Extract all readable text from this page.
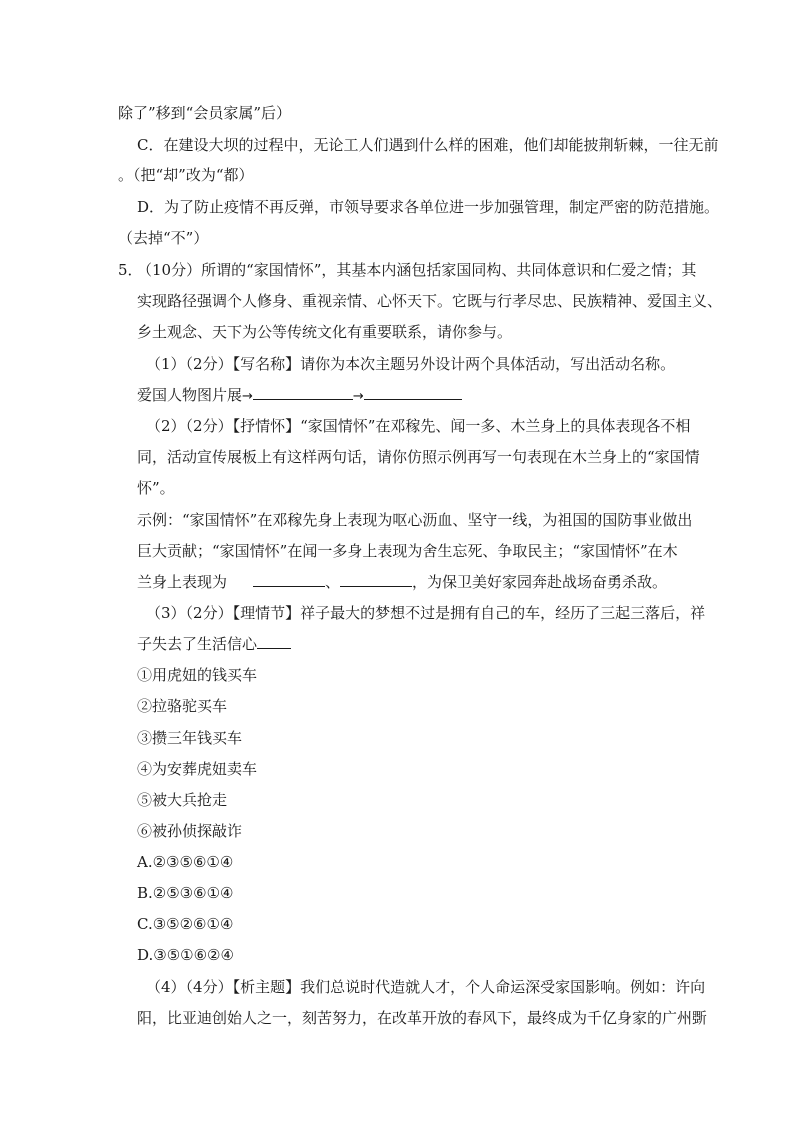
除了”移到“会员家属”后）
C．在建设大坝的过程中，无论工人们遇到什么样的困难，他们却能披荆斩棘，一往无前
。（把“却”改为“都）
D．为了防止疫情不再反弹，市领导要求各单位进一步加强管理，制定严密的防范措施。
（去掉“不”）
5．
（10分）所谓的“家国情怀”，其基本内涵包括家国同构、共同体意识和仁爱之情；其
实现路径强调个人修身、重视亲情、心怀天下。它既与行孝尽忠、民族精神、爱国主义、
乡土观念、天下为公等传统文化有重要联系，请你参与。
（1）（2分）【写名称】请你为本次主题另外设计两个具体活动，写出活动名称。
爱国人物图片展→	→
（2）（2分）【抒情怀】“家国情怀”在邓稼先、闻一多、木兰身上的具体表现各不相
同，活动宣传展板上有这样两句话，请你仿照示例再写一句表现在木兰身上的“家国情
怀”。
示例：“家国情怀”在邓稼先身上表现为呕心沥血、坚守一线，为祖国的国防事业做出
巨大贡献；“家国情怀”在闻一多身上表现为舍生忘死、争取民主；“家国情怀”在木
兰身上表现为	、	，为保卫美好家园奔赴战场奋勇杀敌。
（3）（2分）【理情节】祥子最大的梦想不过是拥有自己的车，经历了三起三落后，祥
子失去了生活信心
①用虎妞的钱买车
②拉骆驼买车
③攒三年钱买车
④为安葬虎妞卖车
⑤被大兵抢走
⑥被孙侦探敲诈
A.②③⑤⑥①④
B.②⑤③⑥①④
C.③⑤②⑥①④
D.③⑤①⑥②④
（4）（4分）【析主题】我们总说时代造就人才，个人命运深受家国影响。例如：许向
阳，比亚迪创始人之一，刻苦努力，在改革开放的春风下，最终成为千亿身家的广州斲
